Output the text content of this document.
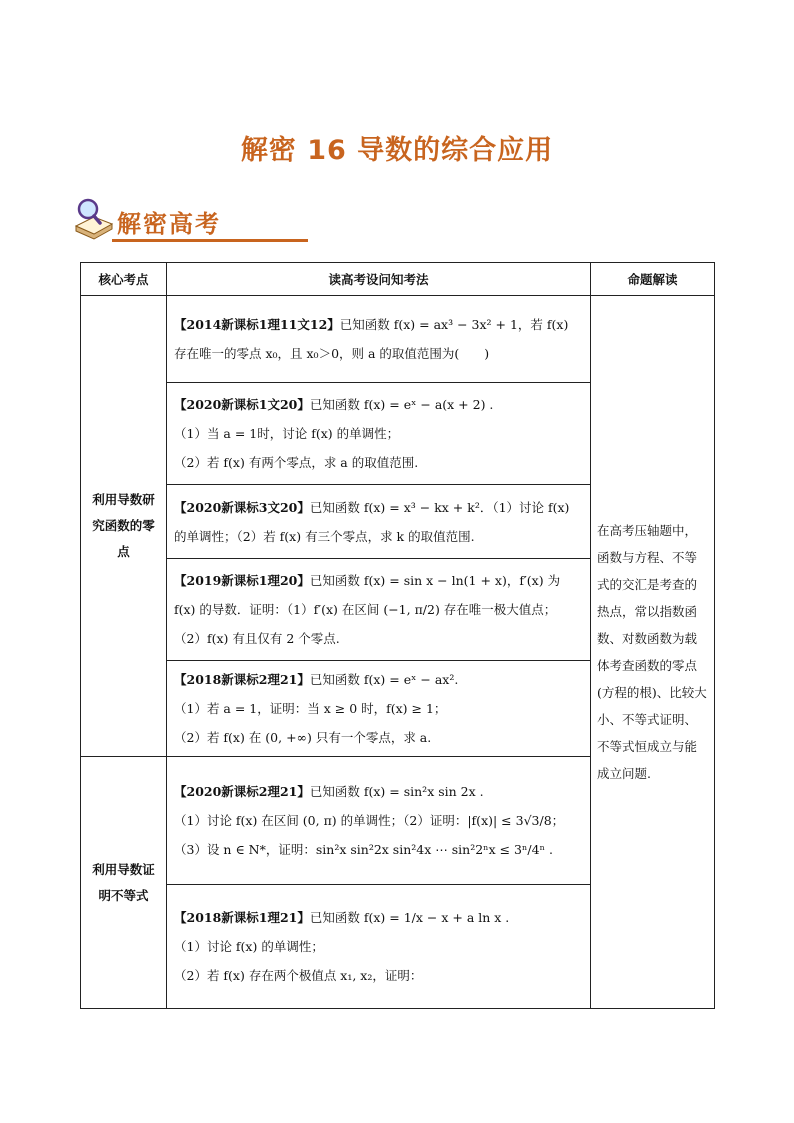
解密 16 导数的综合应用
解密高考
核心考点	读高考设问知考法	命题解读
利用导数研究函数的零点	【2014新课标1理11文12】已知函数 f(x) = ax³ − 3x² + 1，若 f(x)

存在唯一的零点 x₀，且 x₀＞0，则 a 的取值范围为(　　)	在高考压轴题中，函数与方程、不等式的交汇是考查的热点，常以指数函数、对数函数为载体考查函数的零点(方程的根)、比较大小、不等式证明、不等式恒成立与能成立问题.

	【2020新课标1文20】已知函数 f(x) = eˣ − a(x + 2) .

（1）当 a = 1时，讨论 f(x) 的单调性；

（2）若 f(x) 有两个零点，求 a 的取值范围.	

	【2020新课标3文20】已知函数 f(x) = x³ − kx + k²．（1）讨论 f(x)

的单调性；（2）若 f(x) 有三个零点，求 k 的取值范围.	

	【2019新课标1理20】已知函数 f(x) = sin x − ln(1 + x)，f′(x) 为

f(x) 的导数．证明：（1）f′(x) 在区间 (−1, π/2) 存在唯一极大值点；

（2）f(x) 有且仅有 2 个零点.	

	【2018新课标2理21】已知函数 f(x) = eˣ − ax².

（1）若 a = 1，证明：当 x ≥ 0 时，f(x) ≥ 1；

（2）若 f(x) 在 (0, +∞) 只有一个零点，求 a.	

利用导数证明不等式	【2020新课标2理21】已知函数 f(x) = sin²x sin 2x .

（1）讨论 f(x) 在区间 (0, π) 的单调性；（2）证明：|f(x)| ≤ 3√3/8；

（3）设 n ∈ N*，证明：sin²x sin²2x sin²4x ⋯ sin²2ⁿx ≤ 3ⁿ/4ⁿ .	

	【2018新课标1理21】已知函数 f(x) = 1/x − x + a ln x .

（1）讨论 f(x) 的单调性；

（2）若 f(x) 存在两个极值点 x₁, x₂，证明：	
